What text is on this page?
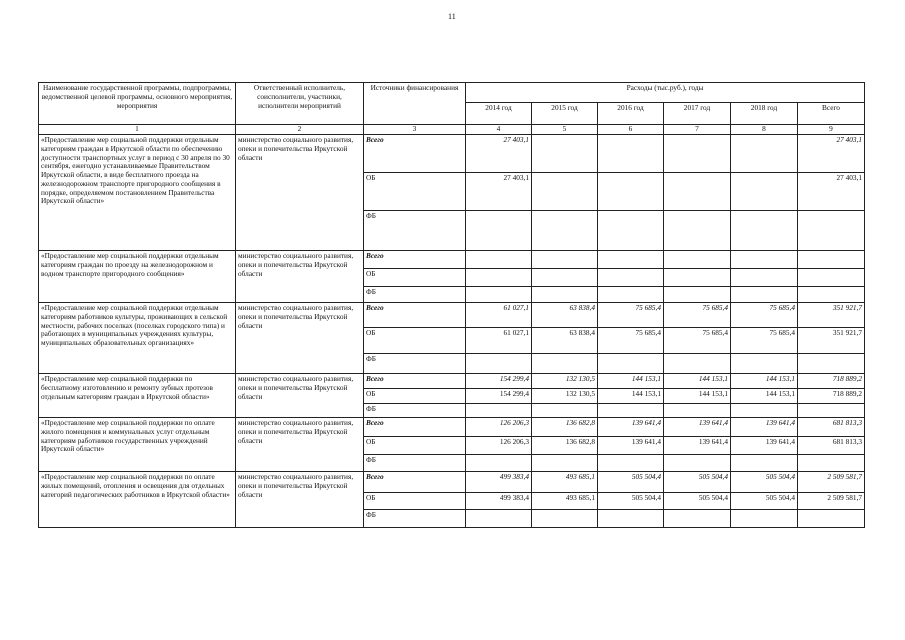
11
Наименование государственной программы, подпрограммы, ведомственной целевой программы, основного мероприятия, мероприятия	Ответственный исполнитель, соисполнители, участники, исполнители мероприятий	Источники финансирования	Расходы (тыс.руб.), годы					
			2014 год	2015 год	2016 год	2017 год	2018 год	Всего
1	2	3	4	5	6	7	8	9
«Предоставление мер социальной поддержки отдельным категориям граждан в Иркутской области по обеспечению доступности транспортных услуг в период с 30 апреля по 30 сентября, ежегодно устанавливаемые Правительством Иркутской области, в виде бесплатного проезда на железнодорожном транспорте пригородного сообщения в порядке, определяемом постановлением Правительства Иркутской области»	министерство социального развития, опеки и попечительства Иркутской области	Всего	27 403,1					27 403,1
		ОБ	27 403,1					27 403,1
		ФБ						
«Предоставление мер социальной поддержки отдельным категориям граждан по проезду на железнодорожном и водном транспорте пригородного сообщения»	министерство социального развития, опеки и попечительства Иркутской области	Всего						
		ОБ						
		ФБ						
«Предоставление мер социальной поддержки отдельным категориям работников культуры, проживающих в сельской местности, рабочих поселках (поселках городского типа) и работающих в муниципальных учреждениях культуры, муниципальных образовательных организациях»	министерство социального развития, опеки и попечительства Иркутской области	Всего	61 027,1	63 838,4	75 685,4	75 685,4	75 685,4	351 921,7
		ОБ	61 027,1	63 838,4	75 685,4	75 685,4	75 685,4	351 921,7
		ФБ						
«Предоставление мер социальной поддержки по бесплатному изготовлению и ремонту зубных протезов отдельным категориям граждан в Иркутской области»	министерство социального развития, опеки и попечительства Иркутской области	Всего	154 299,4	132 130,5	144 153,1	144 153,1	144 153,1	718 889,2
		ОБ	154 299,4	132 130,5	144 153,1	144 153,1	144 153,1	718 889,2
		ФБ						
«Предоставление мер социальной поддержки по оплате жилого помещения и коммунальных услуг отдельным категориям работников государственных учреждений Иркутской области»	министерство социального развития, опеки и попечительства Иркутской области	Всего	126 206,3	136 682,8	139 641,4	139 641,4	139 641,4	681 813,3
		ОБ	126 206,3	136 682,8	139 641,4	139 641,4	139 641,4	681 813,3
		ФБ						
«Предоставление мер социальной поддержки по оплате жилых помещений, отопления и освещения для отдельных категорий педагогических работников в Иркутской области»	министерство социального развития, опеки и попечительства Иркутской области	Всего	499 383,4	493 685,1	505 504,4	505 504,4	505 504,4	2 509 581,7
		ОБ	499 383,4	493 685,1	505 504,4	505 504,4	505 504,4	2 509 581,7
		ФБ						
